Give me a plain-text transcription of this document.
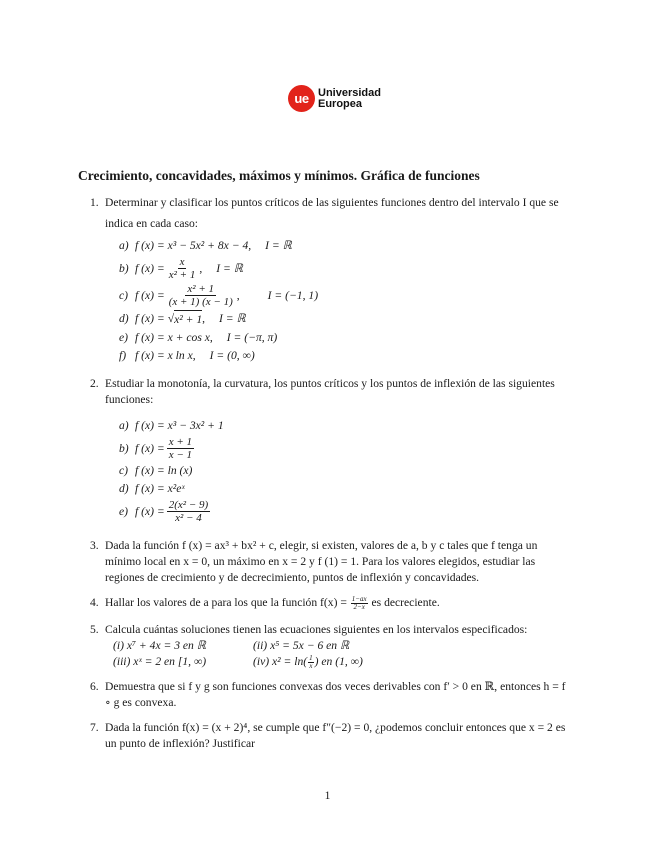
ue Universidad
Europea
Crecimiento, concavidades, máximos y mínimos. Gráfica de funciones
1. Determinar y clasificar los puntos críticos de las siguientes funciones dentro del intervalo I que se indica en cada caso:
a) f (x) = x³ − 5x² + 8x − 4, I = ℝ
b) f $(x) = \frac{x}{\text{x² + 1}}$ , I = ℝ
c) f $(x) = \frac{\text{x² + 1}}{(x + 1) (x - 1)}$ , I = (−1, 1)
d) f (x) = √ x² + 1 , I = ℝ
e) f (x) = x + cos x, I = (−π, π)
f) f (x) = x ln x, I = (0, ∞)
2. Estudiar la monotonía, la curvatura, los puntos críticos y los puntos de inflexión de las siguientes funciones:
a) f (x) = x³ − 3x² + 1
b) f $(x) = \frac{x + 1}{x - 1}$
c) f (x) = ln (x)
d) f (x) = x²eˣ
e) f $(x) = \frac{\text{2(x² − 9)}}{\text{x² − 4}}$
3. Dada la función f (x) = ax³ + bx² + c, elegir, si existen, valores de a, b y c tales que f tenga un mínimo local en x = 0, un máximo en x = 2 y f (1) = 1. Para los valores elegidos, estudiar las regiones de crecimiento y de decrecimiento, puntos de inflexión y concavidades.
4. Hallar los valores de a para los que la función $f(x) = \frac{1-ax}{2-x}$ es decreciente.
5. Calcula cuántas soluciones tienen las ecuaciones siguientes en los intervalos especificados:
(i) x⁷ + 4x = 3 en ℝ	(ii) x⁵ = 5x − 6 en ℝ
(iii) xˣ = 2 en [1, ∞)	(iv) $x^2 = \ln( \frac{1}{x}$ ) en (1, ∞)
6. Demuestra que si f y g son funciones convexas dos veces derivables con f′ > 0 en ℝ, entonces h = f ∘ g es convexa.
7. Dada la función f(x) = (x + 2)⁴, se cumple que f″(−2) = 0, ¿podemos concluir entonces que x = 2 es un punto de inflexión? Justificar
1
